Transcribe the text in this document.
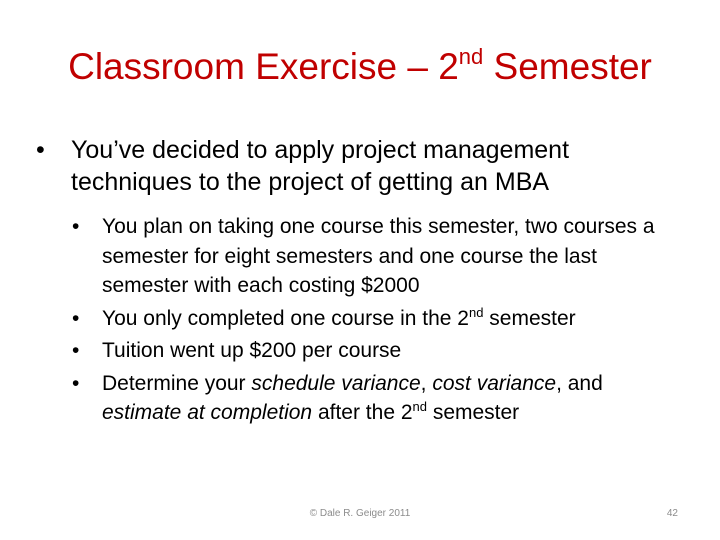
Classroom Exercise – 2nd Semester

•	You’ve decided to apply project management techniques to the project of getting an MBA

•	You plan on taking one course this semester, two courses a semester for eight semesters and one course the last semester with each costing $2000

•	You only completed one course in the 2nd semester

•	Tuition went up $200 per course

•	Determine your schedule variance, cost variance, and estimate at completion after the 2nd semester

© Dale R. Geiger 2011	42
